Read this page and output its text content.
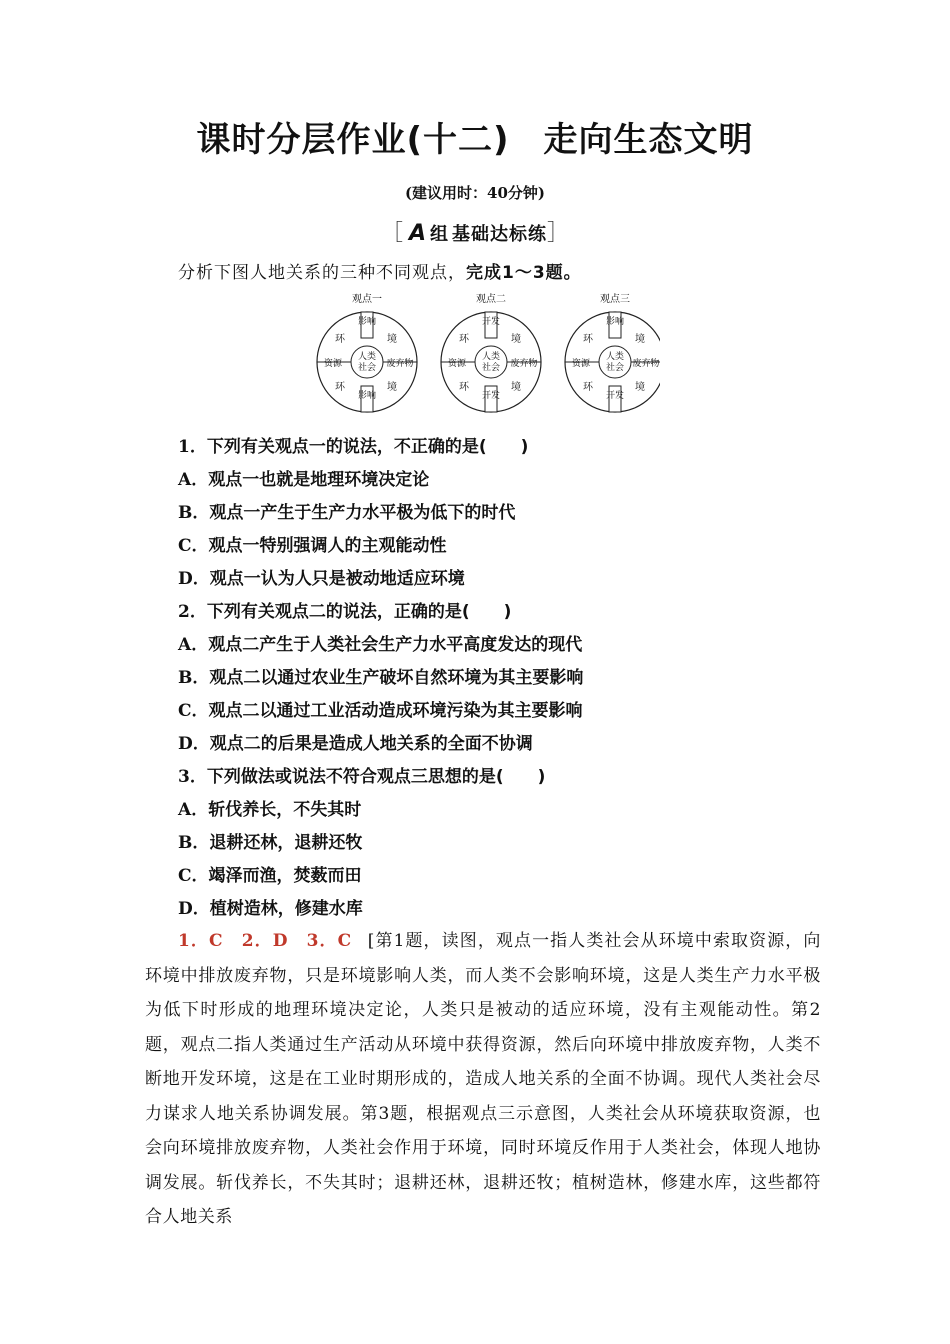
课时分层作业(十二) 走向生态文明
(建议用时：40分钟)
［ A 组 基础达标练］
分析下图人地关系的三种不同观点，完成1～3题。
观点一
影响
影响
人类
社会
资源	废弃物
环	境
环	境
观点二
开发
开发
人类
社会
资源	废弃物
环	境
环	境
观点三
影响
开发
人类
社会
资源	废弃物
环	境
环	境
1．下列有关观点一的说法，不正确的是(　　)
A．观点一也就是地理环境决定论
B．观点一产生于生产力水平极为低下的时代
C．观点一特别强调人的主观能动性
D．观点一认为人只是被动地适应环境
2．下列有关观点二的说法，正确的是(　　)
A．观点二产生于人类社会生产力水平高度发达的现代
B．观点二以通过农业生产破坏自然环境为其主要影响
C．观点二以通过工业活动造成环境污染为其主要影响
D．观点二的后果是造成人地关系的全面不协调
3．下列做法或说法不符合观点三思想的是(　　)
A．斩伐养长，不失其时
B．退耕还林，退耕还牧
C．竭泽而渔，焚薮而田
D．植树造林，修建水库
1．C　2．D　3．C [第1题，读图，观点一指人类社会从环境中索取资源，向环境中排放废弃物，只是环境影响人类，而人类不会影响环境，这是人类生产力水平极为低下时形成的地理环境决定论，人类只是被动的适应环境，没有主观能动性。第2题，观点二指人类通过生产活动从环境中获得资源，然后向环境中排放废弃物，人类不断地开发环境，这是在工业时期形成的，造成人地关系的全面不协调。现代人类社会尽力谋求人地关系协调发展。第3题，根据观点三示意图，人类社会从环境获取资源，也会向环境排放废弃物，人类社会作用于环境，同时环境反作用于人类社会，体现人地协调发展。斩伐养长，不失其时；退耕还林，退耕还牧；植树造林，修建水库，这些都符合人地关系
